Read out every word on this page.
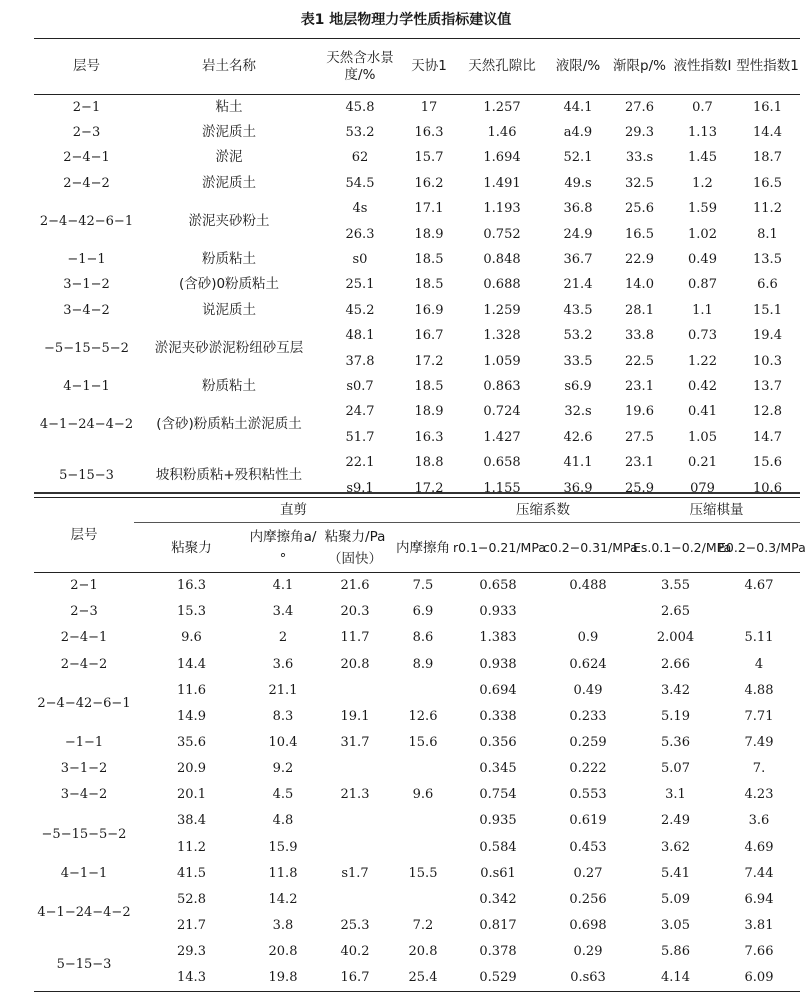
表1 地层物理力学性质指标建议值
层号	岩土名称	天然含水景度/%	天协1	天然孔隙比	液限/%	渐限p/%	液性指数I	型性指数1
2−1	粘土	45.8	17	1.257	44.1	27.6	0.7	16.1
2−3	淤泥质土	53.2	16.3	1.46	a4.9	29.3	1.13	14.4
2−4−1	淤泥	62	15.7	1.694	52.1	33.s	1.45	18.7
2−4−2	淤泥质土	54.5	16.2	1.491	49.s	32.5	1.2	16.5
2−4−42−6−1	淤泥夹砂粉土	4s	17.1	1.193	36.8	25.6	1.59	11.2
		26.3	18.9	0.752	24.9	16.5	1.02	8.1
−1−1	粉质粘土	s0	18.5	0.848	36.7	22.9	0.49	13.5
3−1−2	(含砂)0粉质粘土	25.1	18.5	0.688	21.4	14.0	0.87	6.6
3−4−2	说泥质土	45.2	16.9	1.259	43.5	28.1	1.1	15.1
−5−15−5−2	淤泥夹砂淤泥粉纽砂互层	48.1	16.7	1.328	53.2	33.8	0.73	19.4
		37.8	17.2	1.059	33.5	22.5	1.22	10.3
4−1−1	粉质粘土	s0.7	18.5	0.863	s6.9	23.1	0.42	13.7
4−1−24−4−2	(含砂)粉质粘土淤泥质土	24.7	18.9	0.724	32.s	19.6	0.41	12.8
		51.7	16.3	1.427	42.6	27.5	1.05	14.7
5−15−3	坡积粉质粘+殁积粘性土	22.1	18.8	0.658	41.1	23.1	0.21	15.6
		s9.1	17.2	1.155	36.9	25.9	079	10.6
层号	直剪				压缩系数		压缩棋量	
	粘聚力	内摩擦角a/°	粘聚力/Pa（固快）	内摩擦角	r0.1−0.21/MPa	c0.2−0.31/MPa	Es.0.1−0.2/MPa	E0.2−0.3/MPa
2−1	16.3	4.1	21.6	7.5	0.658	0.488	3.55	4.67
2−3	15.3	3.4	20.3	6.9	0.933		2.65	
2−4−1	9.6	2	11.7	8.6	1.383	0.9	2.004	5.11
2−4−2	14.4	3.6	20.8	8.9	0.938	0.624	2.66	4
2−4−42−6−1	11.6	21.1			0.694	0.49	3.42	4.88
	14.9	8.3	19.1	12.6	0.338	0.233	5.19	7.71
−1−1	35.6	10.4	31.7	15.6	0.356	0.259	5.36	7.49
3−1−2	20.9	9.2			0.345	0.222	5.07	7.
3−4−2	20.1	4.5	21.3	9.6	0.754	0.553	3.1	4.23
−5−15−5−2	38.4	4.8			0.935	0.619	2.49	3.6
	11.2	15.9			0.584	0.453	3.62	4.69
4−1−1	41.5	11.8	s1.7	15.5	0.s61	0.27	5.41	7.44
4−1−24−4−2	52.8	14.2			0.342	0.256	5.09	6.94
	21.7	3.8	25.3	7.2	0.817	0.698	3.05	3.81
5−15−3	29.3	20.8	40.2	20.8	0.378	0.29	5.86	7.66
	14.3	19.8	16.7	25.4	0.529	0.s63	4.14	6.09
